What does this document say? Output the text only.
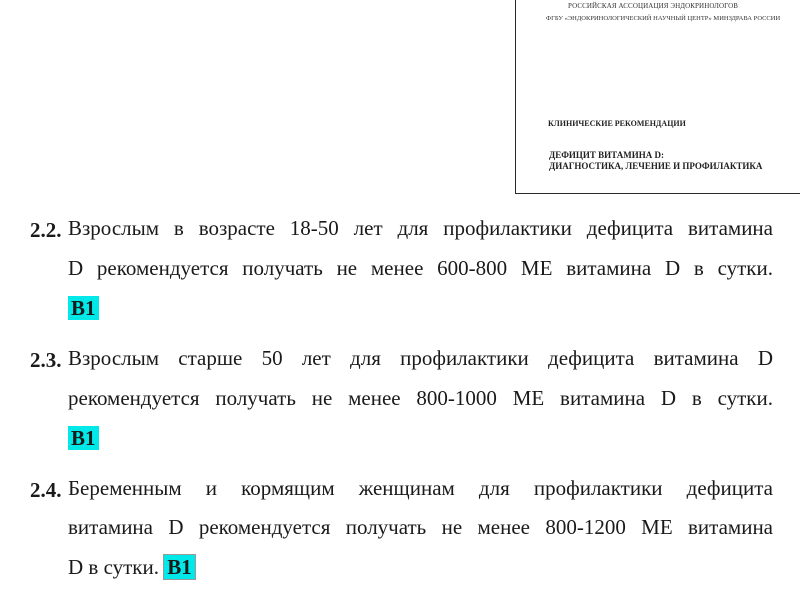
РОССИЙСКАЯ АССОЦИАЦИЯ ЭНДОКРИНОЛОГОВ
ФГБУ «ЭНДОКРИНОЛОГИЧЕСКИЙ НАУЧНЫЙ ЦЕНТР» МИНЗДРАВА РОССИИ
КЛИНИЧЕСКИЕ РЕКОМЕНДАЦИИ
ДЕФИЦИТ ВИТАМИНА D:
ДИАГНОСТИКА, ЛЕЧЕНИЕ И ПРОФИЛАКТИКА
2.2. Взрослым в возрасте 18-50 лет для профилактики дефицита витамина
D рекомендуется получать не менее 600-800 МЕ витамина D в сутки.
B1
2.3. Взрослым старше 50 лет для профилактики дефицита витамина D
рекомендуется получать не менее 800-1000 МЕ витамина D в сутки.
B1
2.4. Беременным и кормящим женщинам для профилактики дефицита
витамина D рекомендуется получать не менее 800-1200 МЕ витамина
D в сутки. B1
